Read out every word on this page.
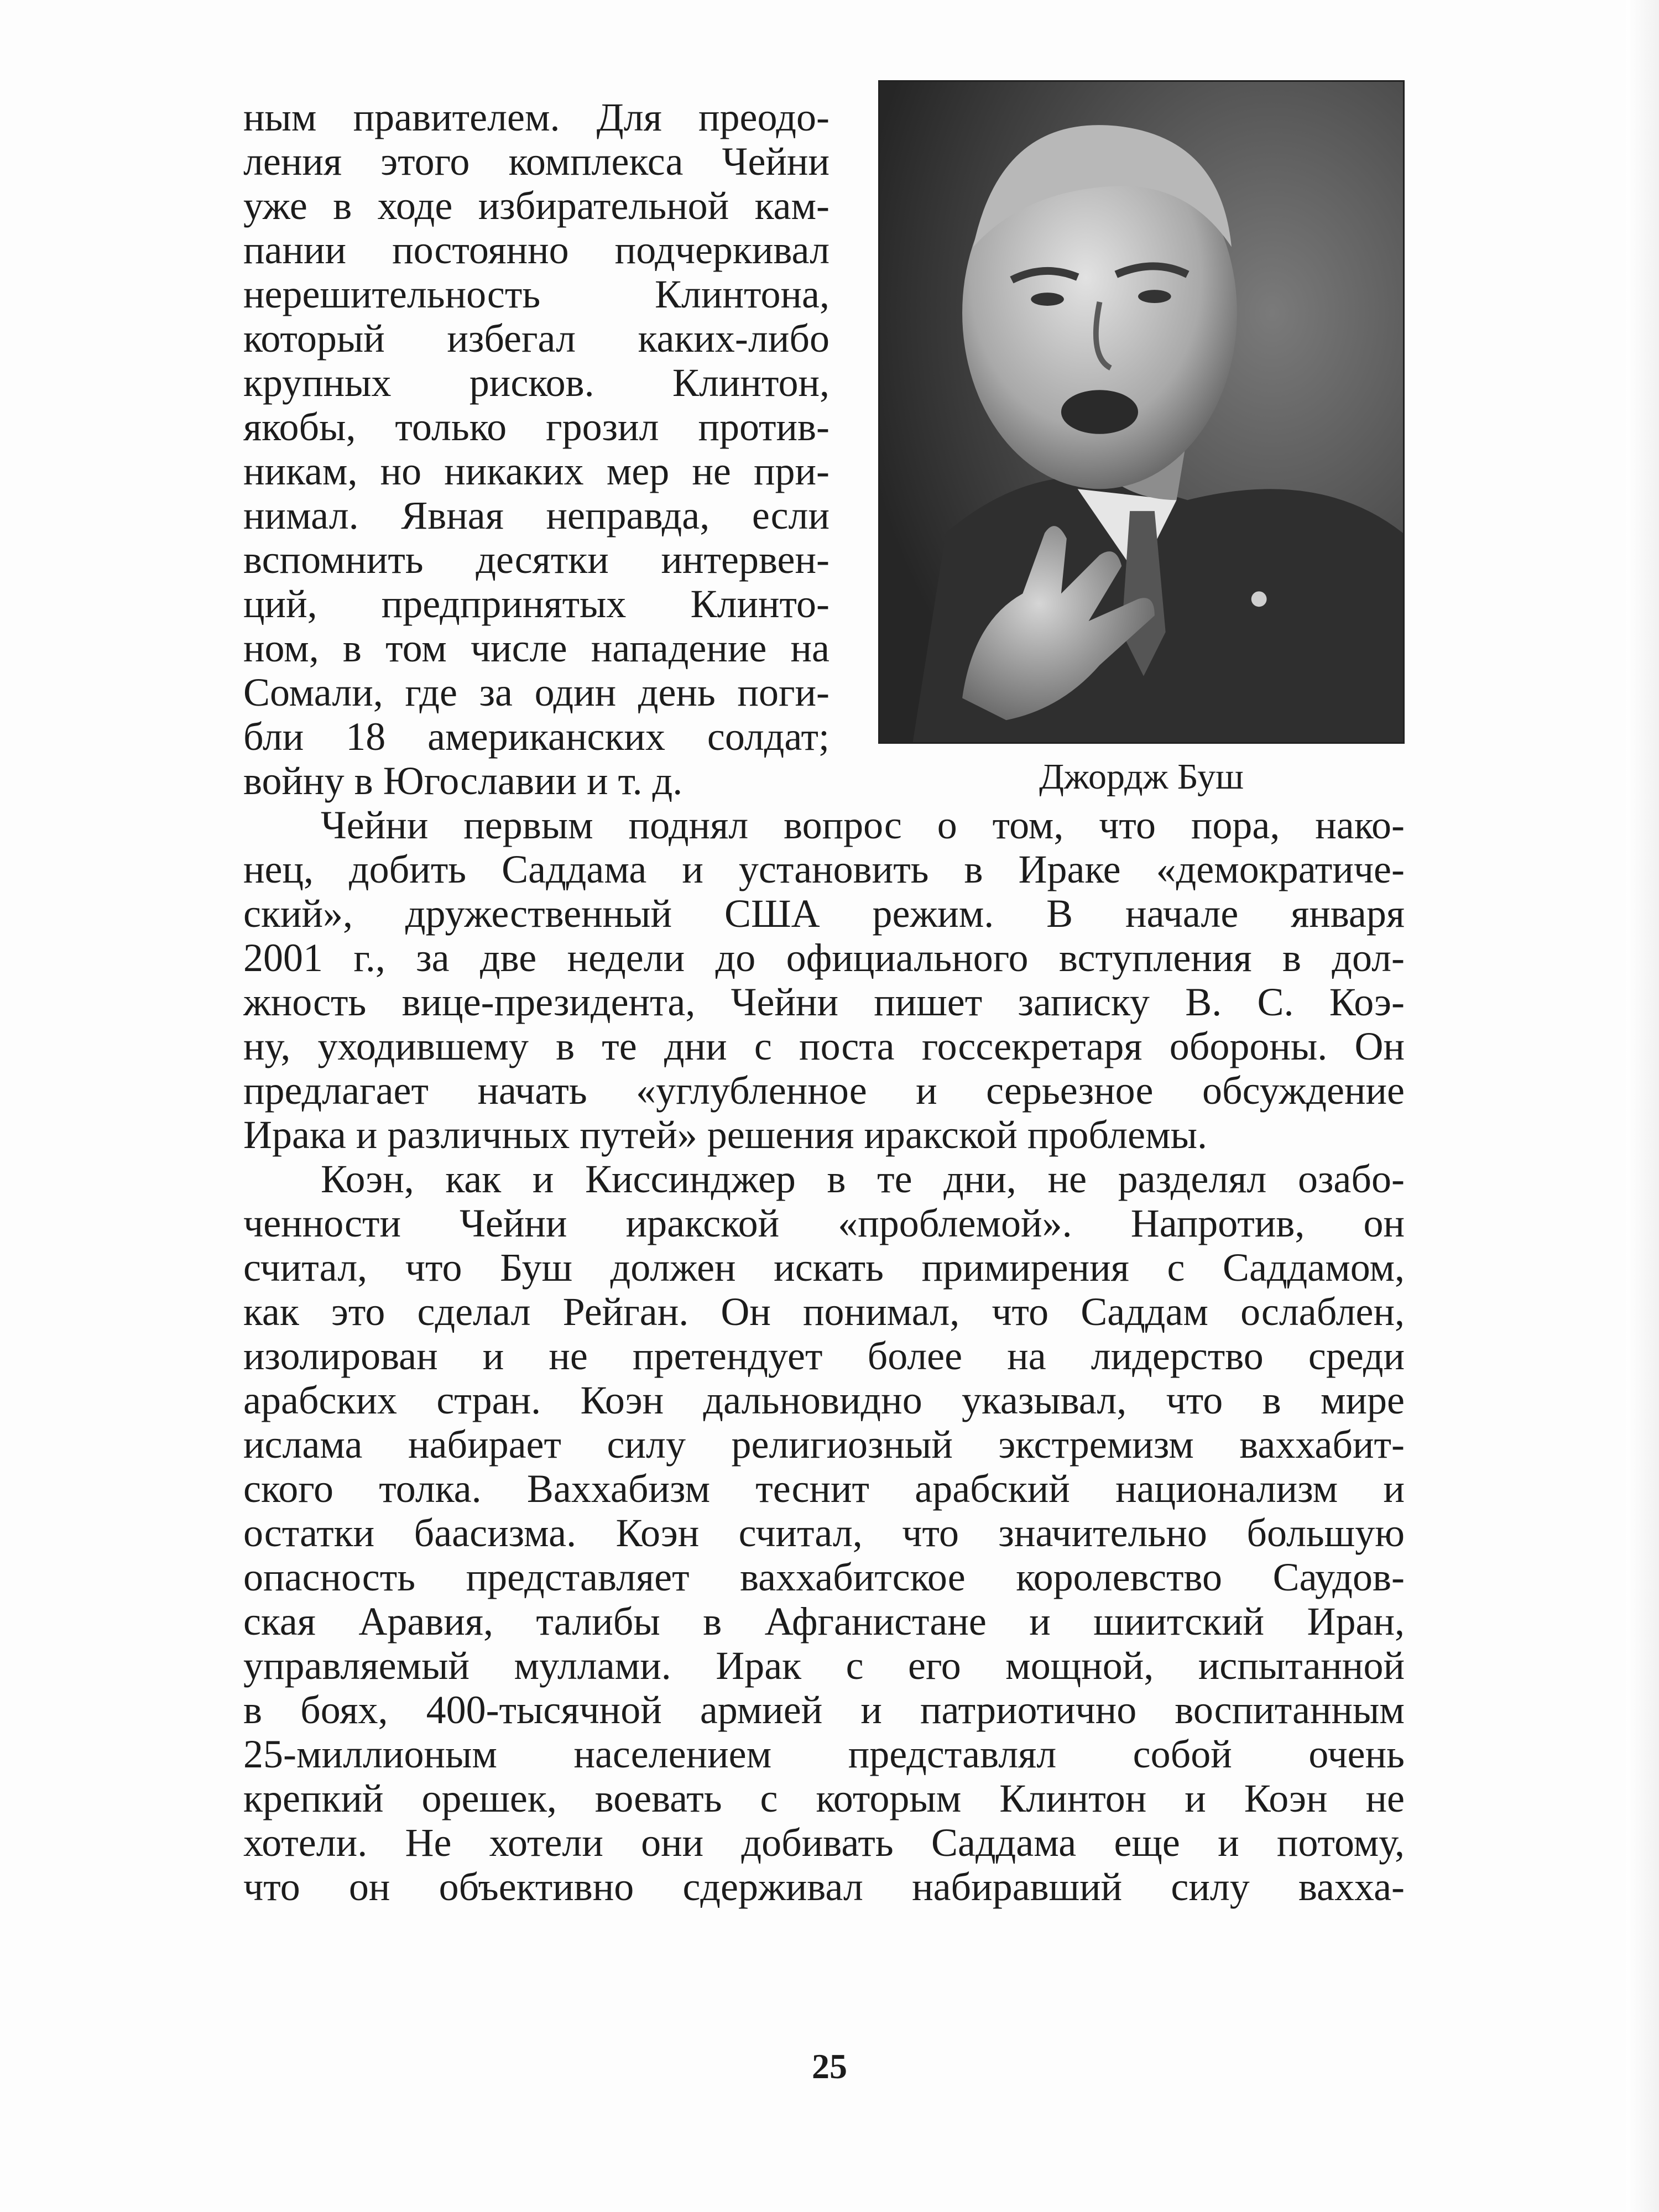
ным правителем. Для преодо-

ления этого комплекса Чейни

уже в ходе избирательной кам-

пании постоянно подчеркивал

нерешительность Клинтона,

который избегал каких-либо

крупных рисков. Клинтон,

якобы, только грозил против-

никам, но никаких мер не при-

нимал. Явная неправда, если

вспомнить десятки интервен-

ций, предпринятых Клинто-

ном, в том числе нападение на

Сомали, где за один день поги-

бли 18 американских солдат;

войну в Югославии и т. д.

Чейни первым поднял вопрос о том, что пора, нако-

нец, добить Саддама и установить в Ираке «демократиче-

ский», дружественный США режим. В начале января

2001 г., за две недели до официального вступления в дол-

жность вице-президента, Чейни пишет записку В. С. Коэ-

ну, уходившему в те дни с поста госсекретаря обороны. Он

предлагает начать «углубленное и серьезное обсуждение

Ирака и различных путей» решения иракской проблемы.

Коэн, как и Киссинджер в те дни, не разделял озабо-

ченности Чейни иракской «проблемой». Напротив, он

считал, что Буш должен искать примирения с Саддамом,

как это сделал Рейган. Он понимал, что Саддам ослаблен,

изолирован и не претендует более на лидерство среди

арабских стран. Коэн дальновидно указывал, что в мире

ислама набирает силу религиозный экстремизм ваххабит-

ского толка. Ваххабизм теснит арабский национализм и

остатки баасизма. Коэн считал, что значительно большую

опасность представляет ваххабитское королевство Саудов-

ская Аравия, талибы в Афганистане и шиитский Иран,

управляемый муллами. Ирак с его мощной, испытанной

в боях, 400-тысячной армией и патриотично воспитанным

25-миллионым населением представлял собой очень

крепкий орешек, воевать с которым Клинтон и Коэн не

хотели. Не хотели они добивать Саддама еще и потому,

что он объективно сдерживал набиравший силу вахха-

Джордж Буш

25
